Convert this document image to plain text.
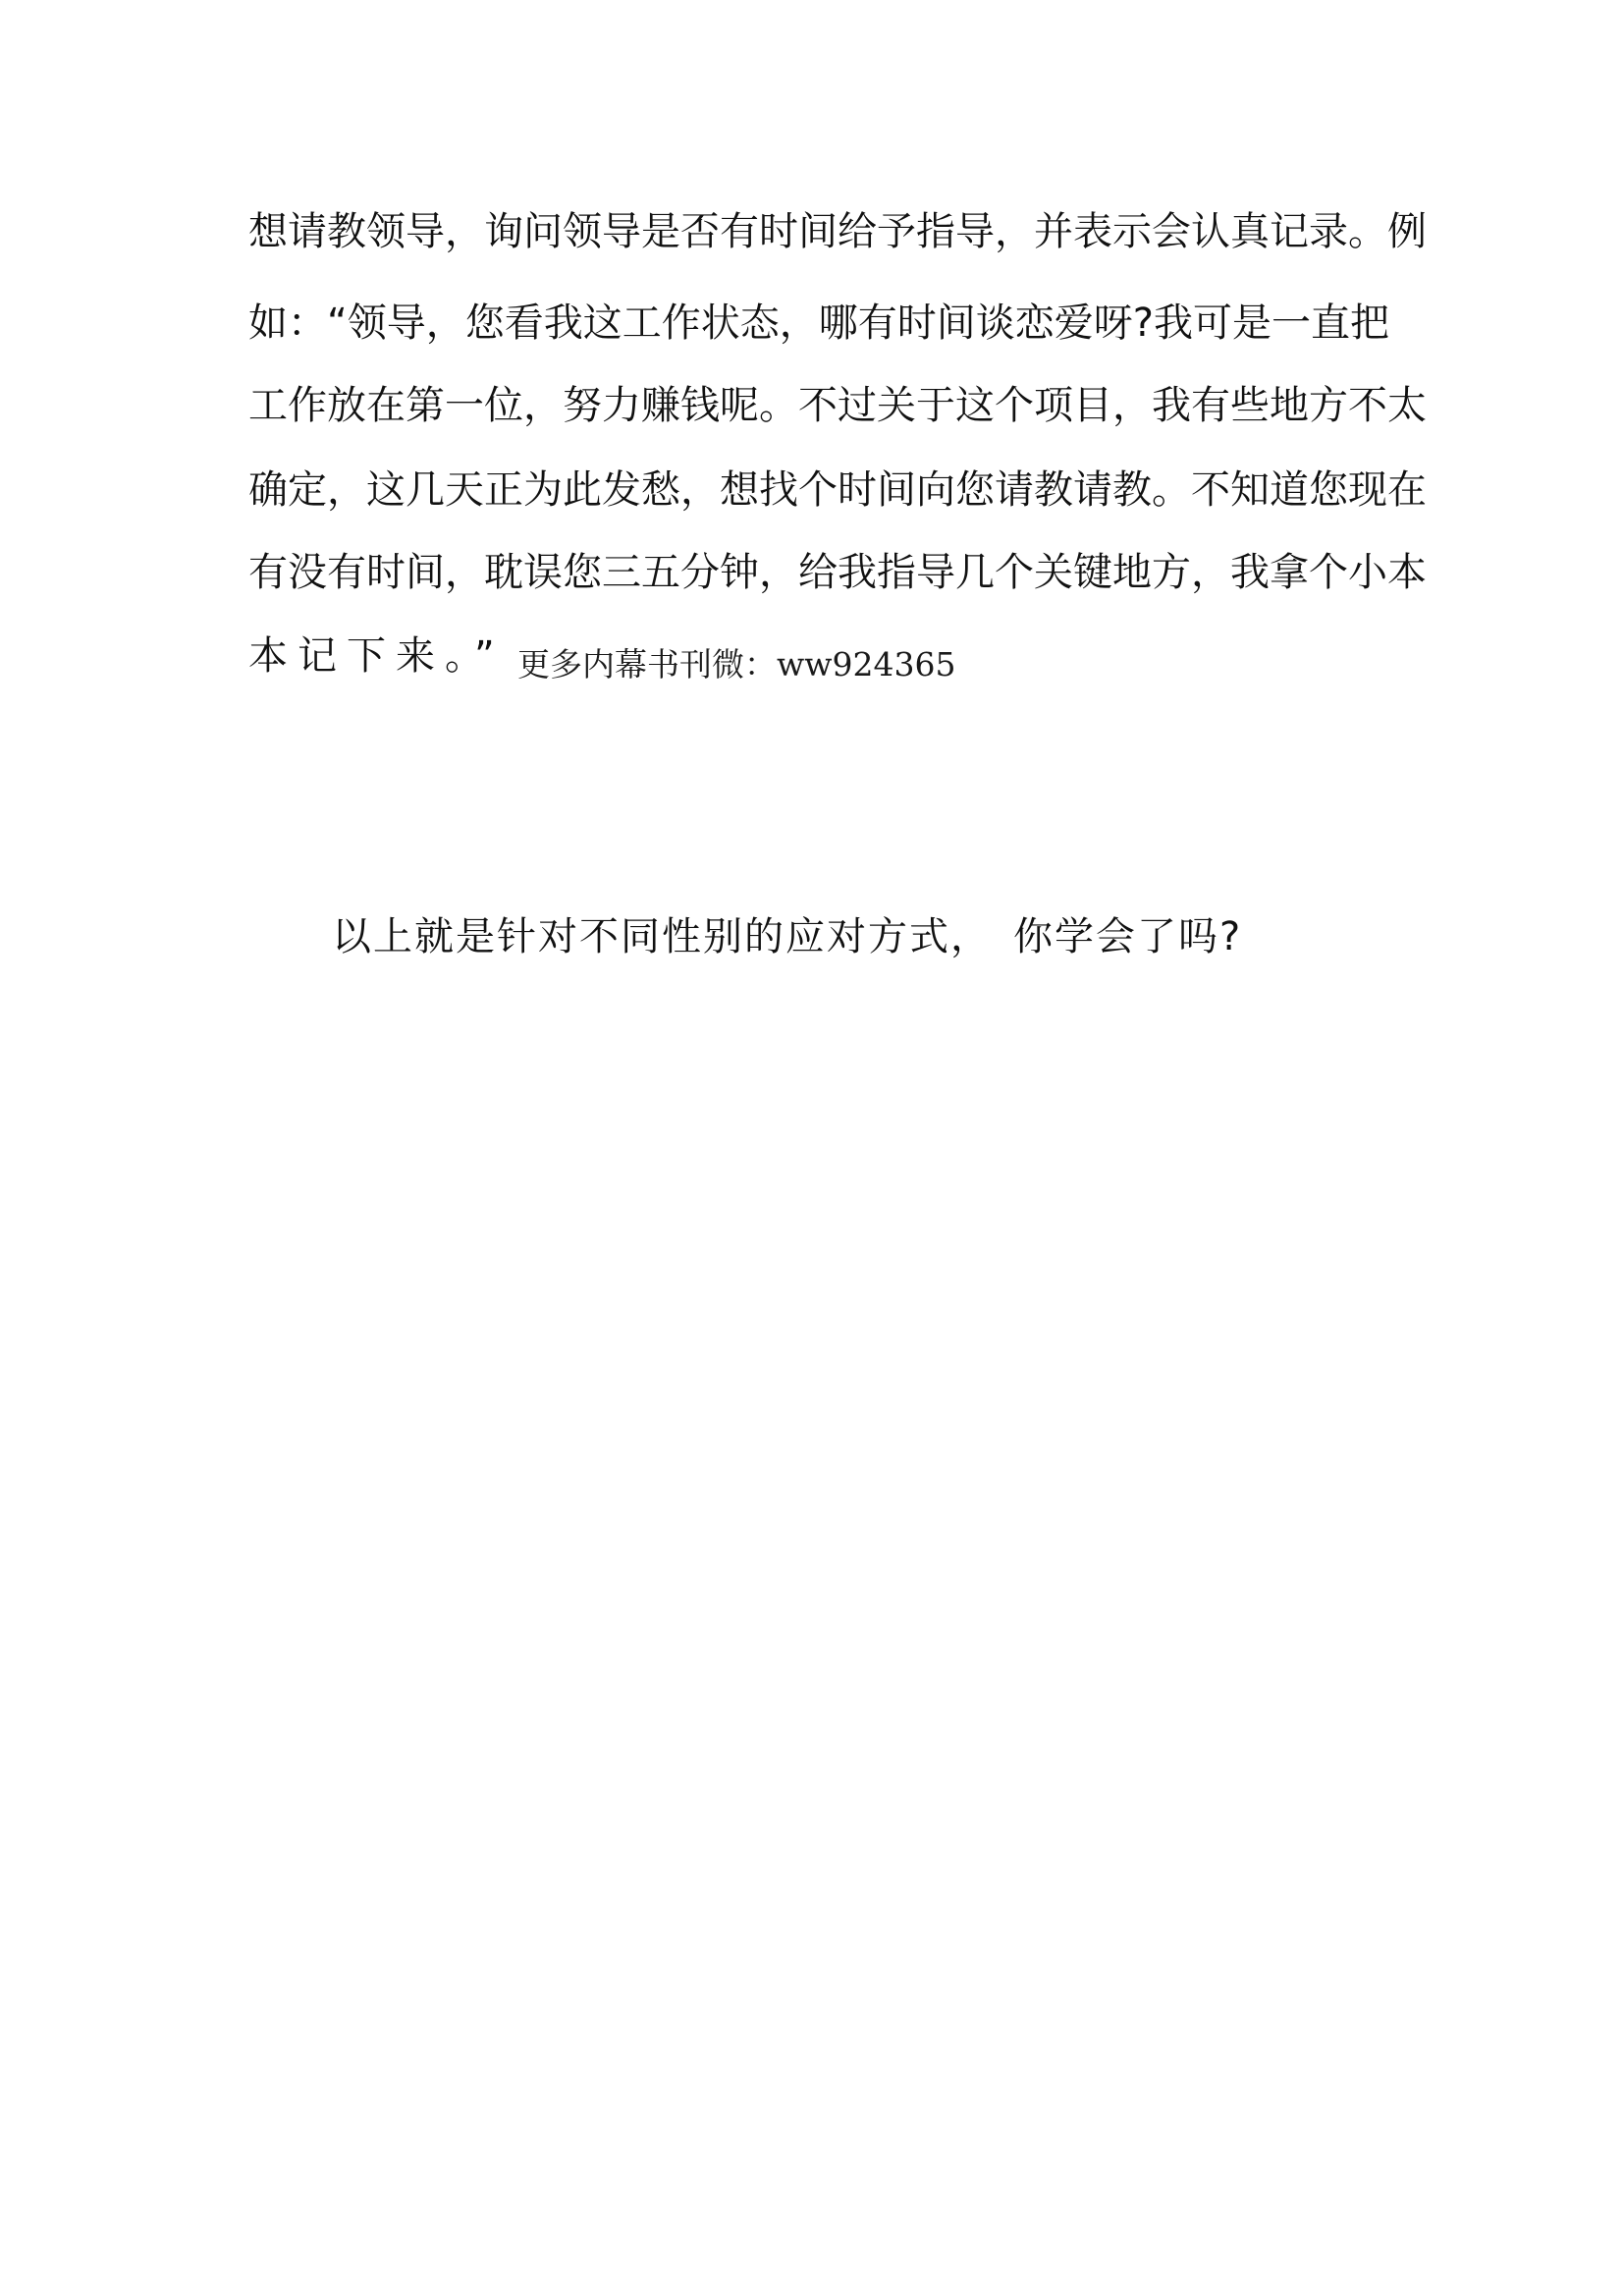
想请教领导，询问领导是否有时间给予指导，并表示会认真记录。例
如：“领导，您看我这工作状态，哪有时间谈恋爱呀?我可是一直把
工作放在第一位，努力赚钱呢。不过关于这个项目，我有些地方不太
确定，这几天正为此发愁，想找个时间向您请教请教。不知道您现在
有没有时间，耽误您三五分钟，给我指导几个关键地方，我拿个小本
本记下来。” 更多内幕书刊微：ww924365
以上就是针对不同性别的应对方式，　你学会了吗?
